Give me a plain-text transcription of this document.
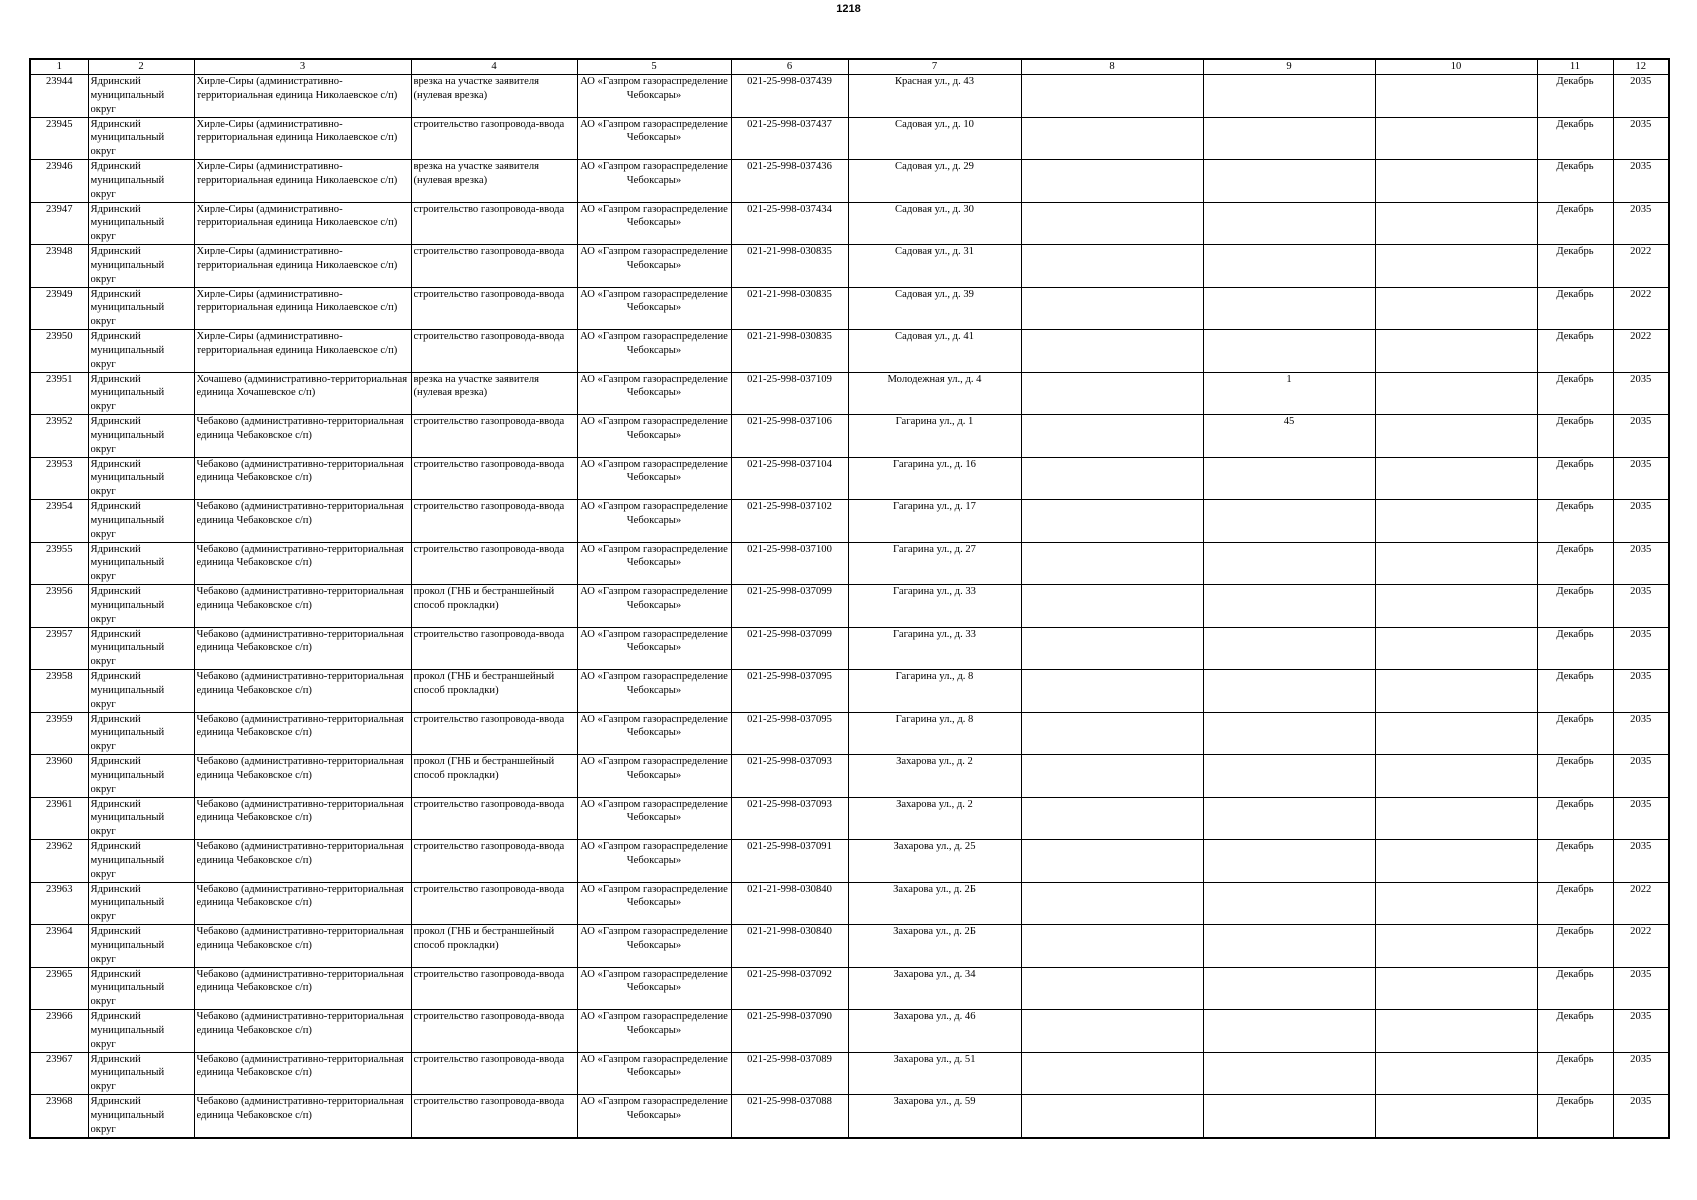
1218
1	2	3	4	5	6	7	8	9	10	11	12

23944	Ядринский муниципальный округ	Хирле-Сиры (административно-территориальная единица Николаевское с/п)	врезка на участке заявителя (нулевая врезка)	АО «Газпром газораспределение Чебоксары»	021-25-998-037439	Красная ул., д. 43				Декабрь	2035

23945	Ядринский муниципальный округ	Хирле-Сиры (административно-территориальная единица Николаевское с/п)	строительство газопровода-ввода	АО «Газпром газораспределение Чебоксары»	021-25-998-037437	Садовая ул., д. 10				Декабрь	2035

23946	Ядринский муниципальный округ	Хирле-Сиры (административно-территориальная единица Николаевское с/п)	врезка на участке заявителя (нулевая врезка)	АО «Газпром газораспределение Чебоксары»	021-25-998-037436	Садовая ул., д. 29				Декабрь	2035

23947	Ядринский муниципальный округ	Хирле-Сиры (административно-территориальная единица Николаевское с/п)	строительство газопровода-ввода	АО «Газпром газораспределение Чебоксары»	021-25-998-037434	Садовая ул., д. 30				Декабрь	2035

23948	Ядринский муниципальный округ	Хирле-Сиры (административно-территориальная единица Николаевское с/п)	строительство газопровода-ввода	АО «Газпром газораспределение Чебоксары»	021-21-998-030835	Садовая ул., д. 31				Декабрь	2022

23949	Ядринский муниципальный округ	Хирле-Сиры (административно-территориальная единица Николаевское с/п)	строительство газопровода-ввода	АО «Газпром газораспределение Чебоксары»	021-21-998-030835	Садовая ул., д. 39				Декабрь	2022

23950	Ядринский муниципальный округ	Хирле-Сиры (административно-территориальная единица Николаевское с/п)	строительство газопровода-ввода	АО «Газпром газораспределение Чебоксары»	021-21-998-030835	Садовая ул., д. 41				Декабрь	2022

23951	Ядринский муниципальный округ	Хочашево (административно-территориальная единица Хочашевское с/п)	врезка на участке заявителя (нулевая врезка)	АО «Газпром газораспределение Чебоксары»	021-25-998-037109	Молодежная ул., д. 4		1		Декабрь	2035

23952	Ядринский муниципальный округ	Чебаково (административно-территориальная единица Чебаковское с/п)	строительство газопровода-ввода	АО «Газпром газораспределение Чебоксары»	021-25-998-037106	Гагарина ул., д. 1		45		Декабрь	2035

23953	Ядринский муниципальный округ	Чебаково (административно-территориальная единица Чебаковское с/п)	строительство газопровода-ввода	АО «Газпром газораспределение Чебоксары»	021-25-998-037104	Гагарина ул., д. 16				Декабрь	2035

23954	Ядринский муниципальный округ	Чебаково (административно-территориальная единица Чебаковское с/п)	строительство газопровода-ввода	АО «Газпром газораспределение Чебоксары»	021-25-998-037102	Гагарина ул., д. 17				Декабрь	2035

23955	Ядринский муниципальный округ	Чебаково (административно-территориальная единица Чебаковское с/п)	строительство газопровода-ввода	АО «Газпром газораспределение Чебоксары»	021-25-998-037100	Гагарина ул., д. 27				Декабрь	2035

23956	Ядринский муниципальный округ	Чебаково (административно-территориальная единица Чебаковское с/п)	прокол (ГНБ и бестраншейный способ прокладки)	АО «Газпром газораспределение Чебоксары»	021-25-998-037099	Гагарина ул., д. 33				Декабрь	2035

23957	Ядринский муниципальный округ	Чебаково (административно-территориальная единица Чебаковское с/п)	строительство газопровода-ввода	АО «Газпром газораспределение Чебоксары»	021-25-998-037099	Гагарина ул., д. 33				Декабрь	2035

23958	Ядринский муниципальный округ	Чебаково (административно-территориальная единица Чебаковское с/п)	прокол (ГНБ и бестраншейный способ прокладки)	АО «Газпром газораспределение Чебоксары»	021-25-998-037095	Гагарина ул., д. 8				Декабрь	2035

23959	Ядринский муниципальный округ	Чебаково (административно-территориальная единица Чебаковское с/п)	строительство газопровода-ввода	АО «Газпром газораспределение Чебоксары»	021-25-998-037095	Гагарина ул., д. 8				Декабрь	2035

23960	Ядринский муниципальный округ	Чебаково (административно-территориальная единица Чебаковское с/п)	прокол (ГНБ и бестраншейный способ прокладки)	АО «Газпром газораспределение Чебоксары»	021-25-998-037093	Захарова ул., д. 2				Декабрь	2035

23961	Ядринский муниципальный округ	Чебаково (административно-территориальная единица Чебаковское с/п)	строительство газопровода-ввода	АО «Газпром газораспределение Чебоксары»	021-25-998-037093	Захарова ул., д. 2				Декабрь	2035

23962	Ядринский муниципальный округ	Чебаково (административно-территориальная единица Чебаковское с/п)	строительство газопровода-ввода	АО «Газпром газораспределение Чебоксары»	021-25-998-037091	Захарова ул., д. 25				Декабрь	2035

23963	Ядринский муниципальный округ	Чебаково (административно-территориальная единица Чебаковское с/п)	строительство газопровода-ввода	АО «Газпром газораспределение Чебоксары»	021-21-998-030840	Захарова ул., д. 2Б				Декабрь	2022

23964	Ядринский муниципальный округ	Чебаково (административно-территориальная единица Чебаковское с/п)	прокол (ГНБ и бестраншейный способ прокладки)	АО «Газпром газораспределение Чебоксары»	021-21-998-030840	Захарова ул., д. 2Б				Декабрь	2022

23965	Ядринский муниципальный округ	Чебаково (административно-территориальная единица Чебаковское с/п)	строительство газопровода-ввода	АО «Газпром газораспределение Чебоксары»	021-25-998-037092	Захарова ул., д. 34				Декабрь	2035

23966	Ядринский муниципальный округ	Чебаково (административно-территориальная единица Чебаковское с/п)	строительство газопровода-ввода	АО «Газпром газораспределение Чебоксары»	021-25-998-037090	Захарова ул., д. 46				Декабрь	2035

23967	Ядринский муниципальный округ	Чебаково (административно-территориальная единица Чебаковское с/п)	строительство газопровода-ввода	АО «Газпром газораспределение Чебоксары»	021-25-998-037089	Захарова ул., д. 51				Декабрь	2035

23968	Ядринский муниципальный округ	Чебаково (административно-территориальная единица Чебаковское с/п)	строительство газопровода-ввода	АО «Газпром газораспределение Чебоксары»	021-25-998-037088	Захарова ул., д. 59				Декабрь	2035
